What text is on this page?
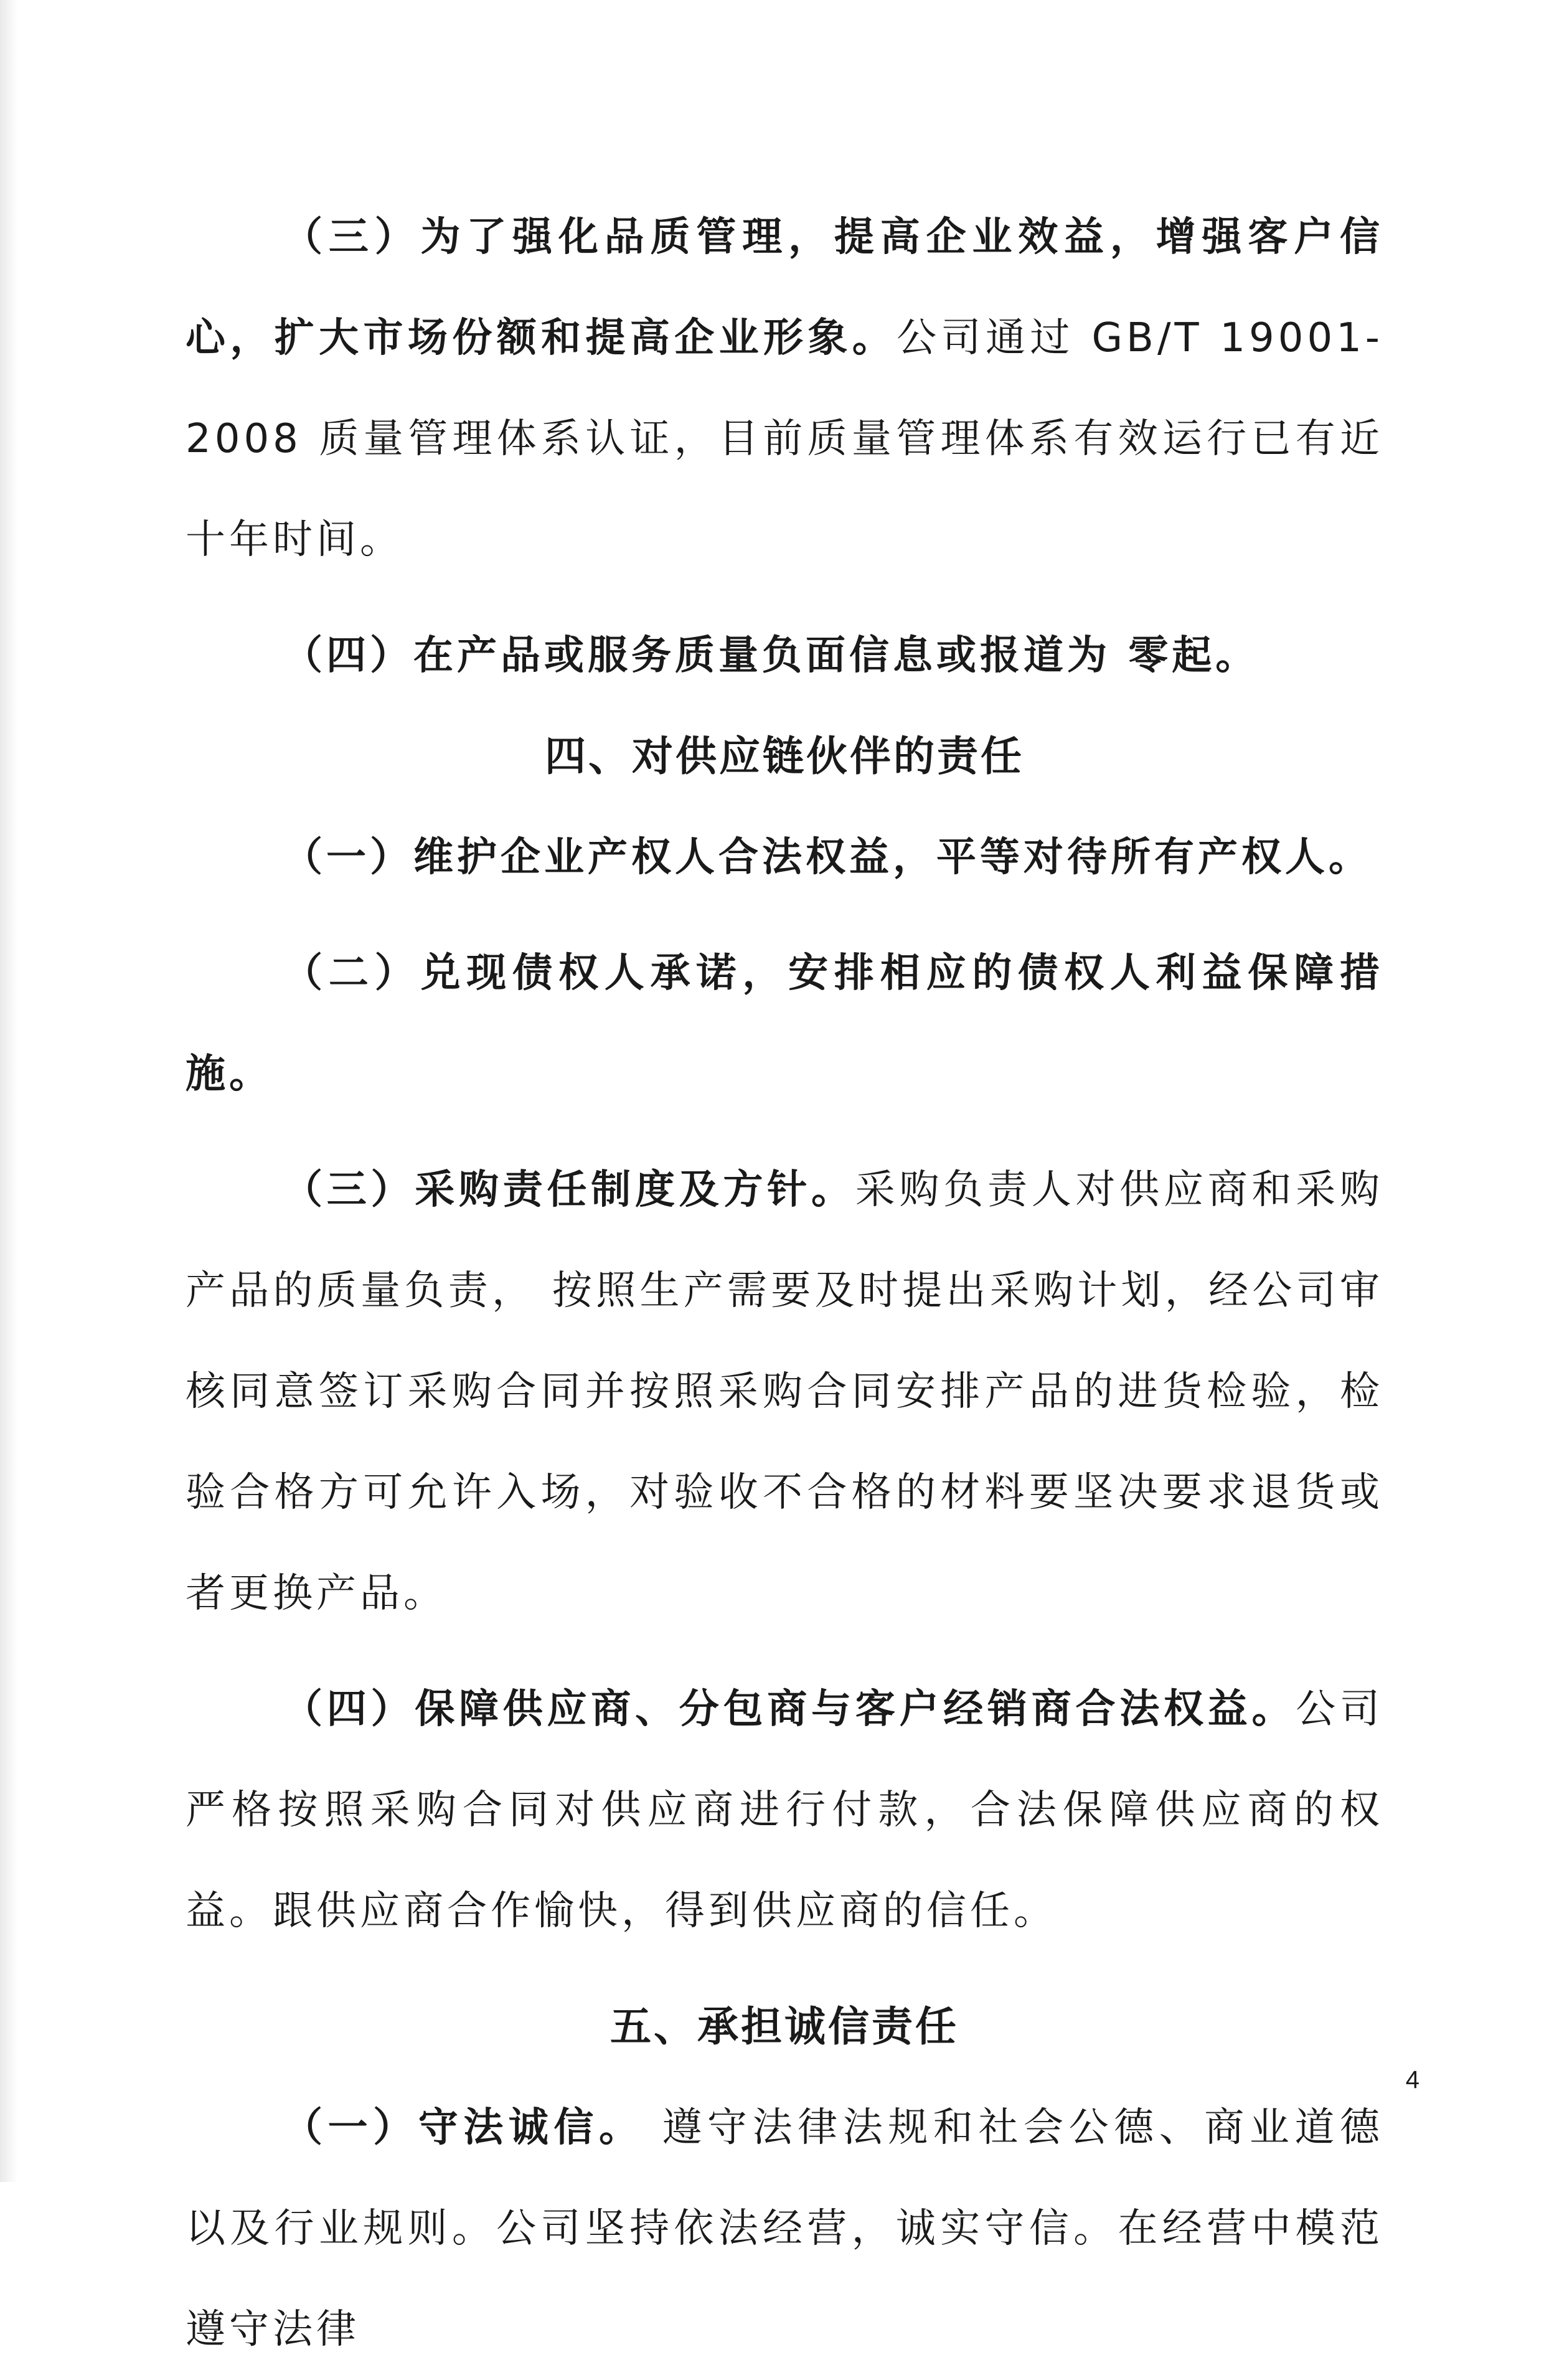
（三）为了强化品质管理，提高企业效益，增强客户信心，扩大市场份额和提高企业形象。公司通过 GB/T 19001-2008 质量管理体系认证，目前质量管理体系有效运行已有近十年时间。

（四）在产品或服务质量负面信息或报道为 零起。

四、对供应链伙伴的责任

（一）维护企业产权人合法权益，平等对待所有产权人。

（二）兑现债权人承诺，安排相应的债权人利益保障措施。

（三）采购责任制度及方针。采购负责人对供应商和采购产品的质量负责， 按照生产需要及时提出采购计划，经公司审核同意签订采购合同并按照采购合同安排产品的进货检验，检验合格方可允许入场，对验收不合格的材料要坚决要求退货或者更换产品。

（四）保障供应商、分包商与客户经销商合法权益。公司严格按照采购合同对供应商进行付款，合法保障供应商的权益。跟供应商合作愉快，得到供应商的信任。

五、承担诚信责任

（一）守法诚信。 遵守法律法规和社会公德、商业道德以及行业规则。公司坚持依法经营，诚实守信。在经营中模范遵守法律

4
